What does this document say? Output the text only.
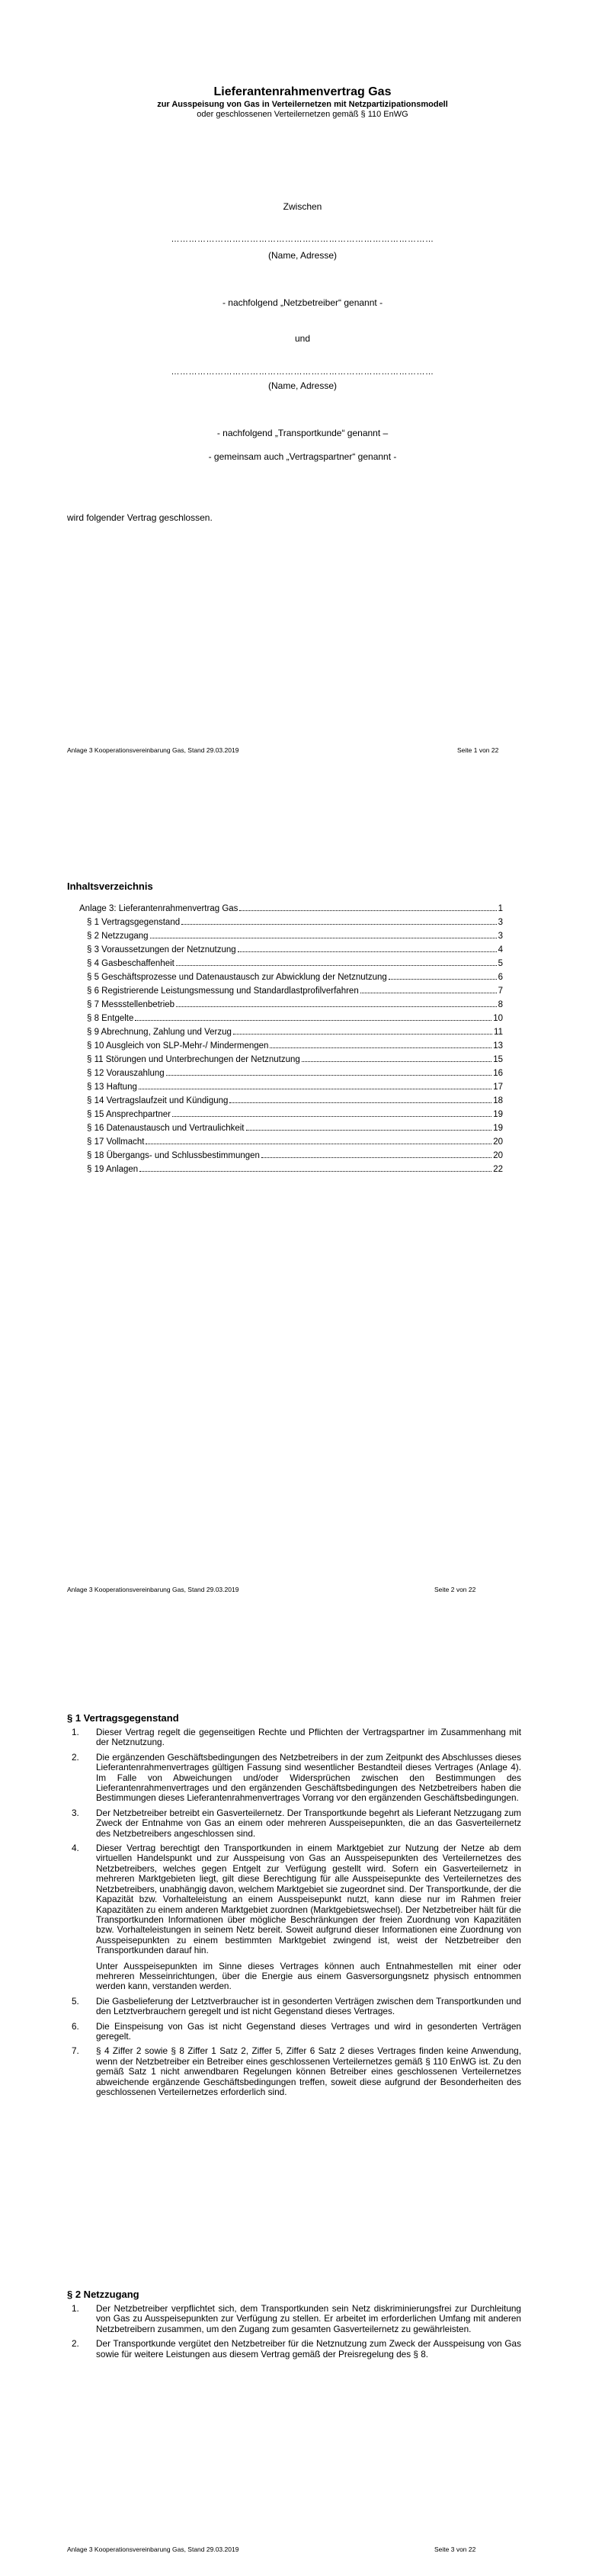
Lieferantenrahmenvertrag Gas
zur Ausspeisung von Gas in Verteilernetzen mit Netzpartizipationsmodell
oder geschlossenen Verteilernetzen gemäß § 110 EnWG
Zwischen
………………………………………………………………………………
(Name, Adresse)
- nachfolgend „Netzbetreiber“ genannt -
und
………………………………………………………………………………
(Name, Adresse)
- nachfolgend „Transportkunde“ genannt –
- gemeinsam auch „Vertragspartner“ genannt -
wird folgender Vertrag geschlossen.
Anlage 3 Kooperationsvereinbarung Gas, Stand 29.03.2019	Seite 1 von 22
Inhaltsverzeichnis
Anlage 3: Lieferantenrahmenvertrag Gas	1
§ 1 Vertragsgegenstand	3
§ 2 Netzzugang	3
§ 3 Voraussetzungen der Netznutzung	4
§ 4 Gasbeschaffenheit	5
§ 5 Geschäftsprozesse und Datenaustausch zur Abwicklung der Netznutzung	6
§ 6 Registrierende Leistungsmessung und Standardlastprofilverfahren	7
§ 7 Messstellenbetrieb	8
§ 8 Entgelte	10
§ 9 Abrechnung, Zahlung und Verzug	11
§ 10 Ausgleich von SLP-Mehr-/ Mindermengen	13
§ 11 Störungen und Unterbrechungen der Netznutzung	15
§ 12 Vorauszahlung	16
§ 13 Haftung	17
§ 14 Vertragslaufzeit und Kündigung	18
§ 15 Ansprechpartner	19
§ 16 Datenaustausch und Vertraulichkeit	19
§ 17 Vollmacht	20
§ 18 Übergangs- und Schlussbestimmungen	20
§ 19 Anlagen	22
Anlage 3 Kooperationsvereinbarung Gas, Stand 29.03.2019	Seite 2 von 22
§ 1 Vertragsgegenstand
1.	Dieser Vertrag regelt die gegenseitigen Rechte und Pflichten der Vertragspartner im Zusammenhang mit der Netznutzung.

2.	Die ergänzenden Geschäftsbedingungen des Netzbetreibers in der zum Zeitpunkt des Abschlusses dieses Lieferantenrahmenvertrages gültigen Fassung sind wesentlicher Bestandteil dieses Vertrages (Anlage 4). Im Falle von Abweichungen und/oder Widersprüchen zwischen den Bestimmungen des Lieferantenrahmenvertrages und den ergänzenden Geschäftsbedingungen des Netzbetreibers haben die Bestimmungen dieses Lieferantenrahmenvertrages Vorrang vor den ergänzenden Geschäftsbedingungen.

3.	Der Netzbetreiber betreibt ein Gasverteilernetz. Der Transportkunde begehrt als Lieferant Netzzugang zum Zweck der Entnahme von Gas an einem oder mehreren Ausspeisepunkten, die an das Gasverteilernetz des Netzbetreibers angeschlossen sind.

4.	Dieser Vertrag berechtigt den Transportkunden in einem Marktgebiet zur Nutzung der Netze ab dem virtuellen Handelspunkt und zur Ausspeisung von Gas an Ausspeisepunkten des Verteilernetzes des Netzbetreibers, welches gegen Entgelt zur Verfügung gestellt wird. Sofern ein Gasverteilernetz in mehreren Marktgebieten liegt, gilt diese Berechtigung für alle Ausspeisepunkte des Verteilernetzes des Netzbetreibers, unabhängig davon, welchem Marktgebiet sie zugeordnet sind. Der Transportkunde, der die Kapazität bzw. Vorhalteleistung an einem Ausspeisepunkt nutzt, kann diese nur im Rahmen freier Kapazitäten zu einem anderen Marktgebiet zuordnen (Marktgebietswechsel). Der Netzbetreiber hält für die Transportkunden Informationen über mögliche Beschränkungen der freien Zuordnung von Kapazitäten bzw. Vorhalteleistungen in seinem Netz bereit. Soweit aufgrund dieser Informationen eine Zuordnung von Ausspeisepunkten zu einem bestimmten Marktgebiet zwingend ist, weist der Netzbetreiber den Transportkunden darauf hin.

Unter Ausspeisepunkten im Sinne dieses Vertrages können auch Entnahmestellen mit einer oder mehreren Messeinrichtungen, über die Energie aus einem Gasversorgungsnetz physisch entnommen werden kann, verstanden werden.

5.	Die Gasbelieferung der Letztverbraucher ist in gesonderten Verträgen zwischen dem Transportkunden und den Letztverbrauchern geregelt und ist nicht Gegenstand dieses Vertrages.

6.	Die Einspeisung von Gas ist nicht Gegenstand dieses Vertrages und wird in gesonderten Verträgen geregelt.

7.	§ 4 Ziffer 2 sowie § 8 Ziffer 1 Satz 2, Ziffer 5, Ziffer 6 Satz 2 dieses Vertrages finden keine Anwendung, wenn der Netzbetreiber ein Betreiber eines geschlossenen Verteilernetzes gemäß § 110 EnWG ist. Zu den gemäß Satz 1 nicht anwendbaren Regelungen können Betreiber eines geschlossenen Verteilernetzes abweichende ergänzende Geschäftsbedingungen treffen, soweit diese aufgrund der Besonderheiten des geschlossenen Verteilernetzes erforderlich sind.

§ 2 Netzzugang
1.	Der Netzbetreiber verpflichtet sich, dem Transportkunden sein Netz diskriminierungsfrei zur Durchleitung von Gas zu Ausspeisepunkten zur Verfügung zu stellen. Er arbeitet im erforderlichen Umfang mit anderen Netzbetreibern zusammen, um den Zugang zum gesamten Gasverteilernetz zu gewährleisten.

2.	Der Transportkunde vergütet den Netzbetreiber für die Netznutzung zum Zweck der Ausspeisung von Gas sowie für weitere Leistungen aus diesem Vertrag gemäß der Preisregelung des § 8.

Anlage 3 Kooperationsvereinbarung Gas, Stand 29.03.2019	Seite 3 von 22
